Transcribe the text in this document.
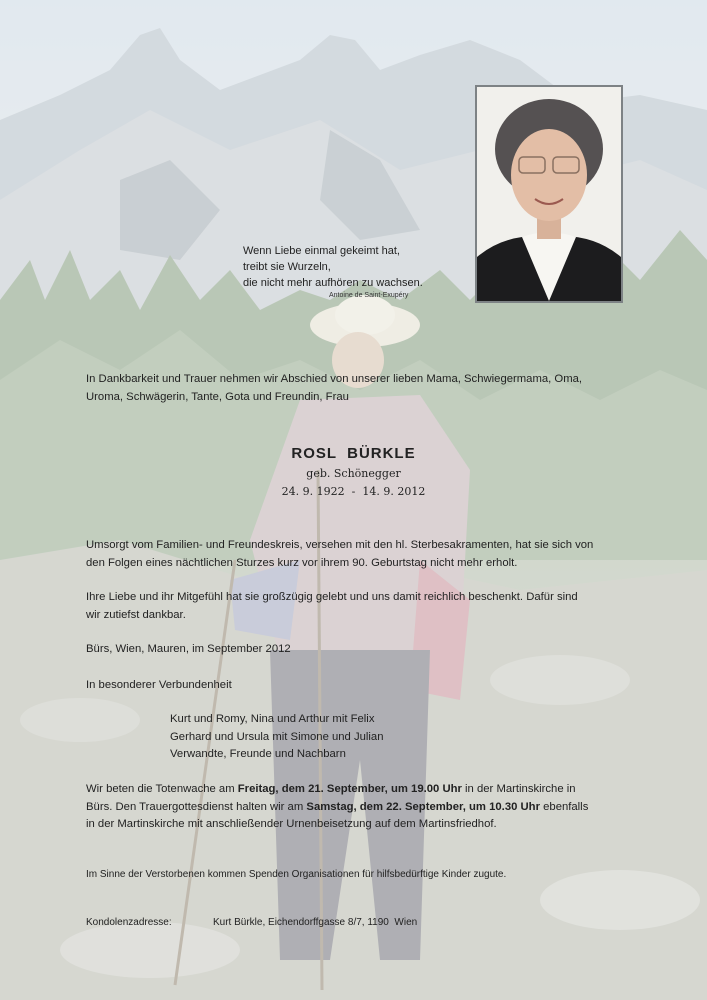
Wenn Liebe einmal gekeimt hat,
treibt sie Wurzeln,
die nicht mehr aufhören zu wachsen.
Antoine de Saint-Exupéry
In Dankbarkeit und Trauer nehmen wir Abschied von unserer lieben Mama, Schwiegermama, Oma,
Uroma, Schwägerin, Tante, Gota und Freundin, Frau
ROSL  BÜRKLE
geb. Schönegger
24. 9. 1922  -  14. 9. 2012
Umsorgt vom Familien- und Freundeskreis, versehen mit den hl. Sterbesakramenten, hat sie sich von
den Folgen eines nächtlichen Sturzes kurz vor ihrem 90. Geburtstag nicht mehr erholt.
Ihre Liebe und ihr Mitgefühl hat sie großzügig gelebt und uns damit reichlich beschenkt. Dafür sind
wir zutiefst dankbar.
Bürs, Wien, Mauren, im September 2012
In besonderer Verbundenheit
Kurt und Romy, Nina und Arthur mit Felix
Gerhard und Ursula mit Simone und Julian
Verwandte, Freunde und Nachbarn
Wir beten die Totenwache am Freitag, dem 21. September, um 19.00 Uhr in der Martinskirche in
Bürs. Den Trauergottesdienst halten wir am Samstag, dem 22. September, um 10.30 Uhr ebenfalls
in der Martinskirche mit anschließender Urnenbeisetzung auf dem Martinsfriedhof.
Im Sinne der Verstorbenen kommen Spenden Organisationen für hilfsbedürftige Kinder zugute.
Kondolenzadresse:	Kurt Bürkle, Eichendorffgasse 8/7, 1190  Wien
